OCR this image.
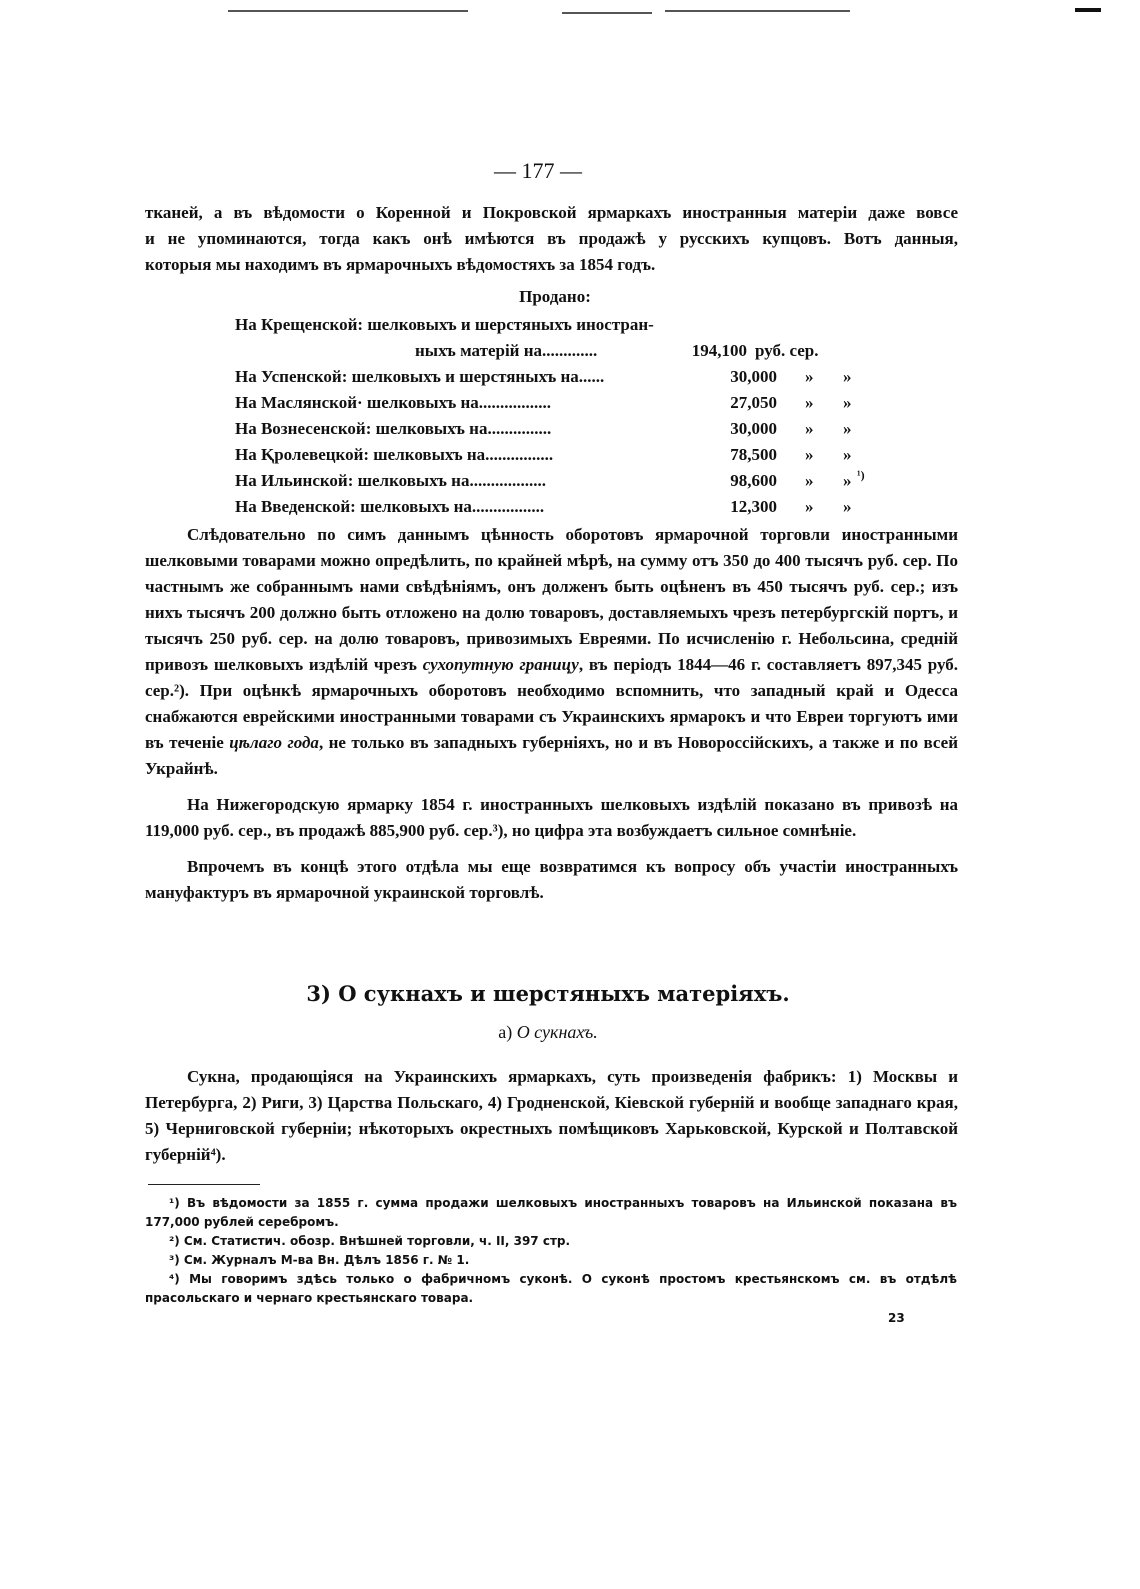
— 177 —

тканей, а въ вѣдомости о Коренной и Покровской ярмаркахъ иностранныя матеріи даже вовсе

и не упоминаются, тогда какъ онѣ имѣются въ продажѣ у русскихъ купцовъ. Вотъ данныя,

которыя мы находимъ въ ярмарочныхъ вѣдомостяхъ за 1854 годъ.

Продано:
На Крещенской: шелковыхъ и шерстяныхъ иностран-
ныхъ матерій на.............	194,100 руб. сер.
На Успенской: шелковыхъ и шерстяныхъ на......	30,000 » »
На Маслянской· шелковыхъ на.................	27,050 » »
На Вознесенской: шелковыхъ на...............	30,000 » »
На Ⱪролевецкой: шелковыхъ на................	78,500 » »
На Ильинской: шелковыхъ на..................	98,600 » » ¹)
На Введенской: шелковыхъ на.................	12,300 » »

Слѣдовательно по симъ даннымъ цѣнность оборотовъ ярмарочной торговли иностранными шелковыми товарами можно опредѣлить, по крайней мѣрѣ, на сумму отъ 350 до 400 тысячъ руб. сер. По частнымъ же собраннымъ нами свѣдѣніямъ, онъ долженъ быть оцѣненъ въ 450 тысячъ руб. сер.; изъ нихъ тысячъ 200 должно быть отложено на долю товаровъ, доставляемыхъ чрезъ петербургскій портъ, и тысячъ 250 руб. сер. на долю товаровъ, привозимыхъ Евреями. По исчисленію г. Небольсина, средній привозъ шелковыхъ издѣлій чрезъ сухопутную границу, въ періодъ 1844—46 г. составляетъ 897,345 руб. сер.²). При оцѣнкѣ ярмарочныхъ оборотовъ необходимо вспомнить, что западный край и Одесса снабжаются еврейскими иностранными товарами съ Украинскихъ ярмарокъ и что Евреи торгуютъ ими въ теченіе цѣлаго года, не только въ западныхъ губерніяхъ, но и въ Новороссійскихъ, а также и по всей Украйнѣ.

На Нижегородскую ярмарку 1854 г. иностранныхъ шелковыхъ издѣлій показано въ привозѣ на 119,000 руб. сер., въ продажѣ 885,900 руб. сер.³), но цифра эта возбуждаетъ сильное сомнѣніе.

Впрочемъ въ концѣ этого отдѣла мы еще возвратимся къ вопросу объ участіи иностранныхъ мануфактуръ въ ярмарочной украинской торговлѣ.

3) О сукнахъ и шерстяныхъ матеріяхъ.
а) О сукнахъ.

Сукна, продающіяся на Украинскихъ ярмаркахъ, суть произведенія фабрикъ: 1) Москвы и Петербурга, 2) Риги, 3) Царства Польскаго, 4) Гродненской, Кіевской губерній и вообще западнаго края, 5) Черниговской губерніи; нѣкоторыхъ окрестныхъ помѣщиковъ Харьковской, Курской и Полтавской губерній⁴).

¹) Въ вѣдомости за 1855 г. сумма продажи шелковыхъ иностранныхъ товаровъ на Ильинской показана въ 177,000 рублей серебромъ.

²) См. Статистич. обозр. Внѣшней торговли, ч. II, 397 стр.

³) См. Журналъ М-ва Вн. Дѣлъ 1856 г. № 1.

⁴) Мы говоримъ здѣсь только о фабричномъ суконѣ. О суконѣ простомъ крестьянскомъ см. въ отдѣлѣ прасольскаго и чернаго крестьянскаго товара.

23
